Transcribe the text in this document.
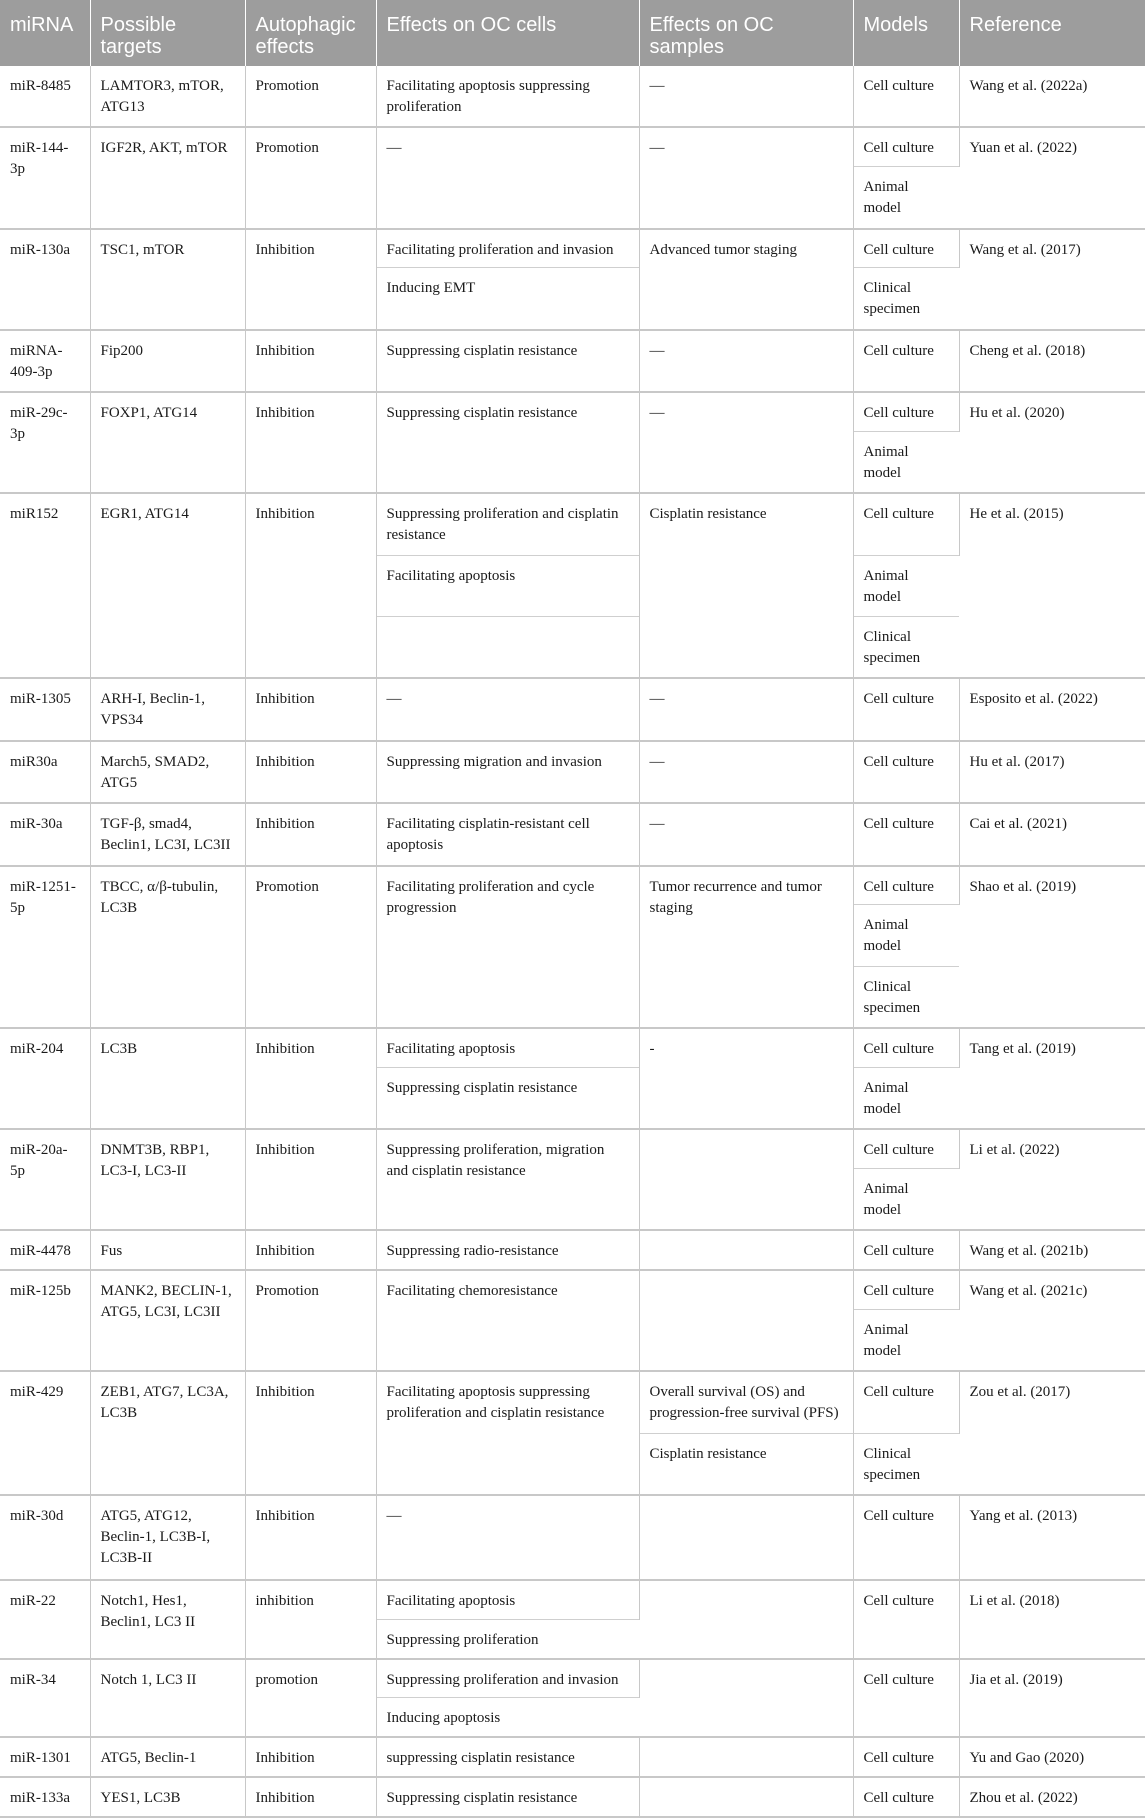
miRNA	Possible targets	Autophagic effects	Effects on OC cells	Effects on OC samples	Models	Reference
miR-8485	LAMTOR3, mTOR, ATG13	Promotion	Facilitating apoptosis suppressing proliferation	—	Cell culture	Wang et al. (2022a)
miR-144-3p	IGF2R, AKT, mTOR	Promotion	—	—	Cell culture	Yuan et al. (2022)
					Animal model	
miR-130a	TSC1, mTOR	Inhibition	Facilitating proliferation and invasion	Advanced tumor staging	Cell culture	Wang et al. (2017)
			Inducing EMT		Clinical specimen	
miRNA-409-3p	Fip200	Inhibition	Suppressing cisplatin resistance	—	Cell culture	Cheng et al. (2018)
miR-29c-3p	FOXP1, ATG14	Inhibition	Suppressing cisplatin resistance	—	Cell culture	Hu et al. (2020)
					Animal model	
miR152	EGR1, ATG14	Inhibition	Suppressing proliferation and cisplatin resistance	Cisplatin resistance	Cell culture	He et al. (2015)
			Facilitating apoptosis		Animal model	
					Clinical specimen	
miR-1305	ARH-I, Beclin-1, VPS34	Inhibition	—	—	Cell culture	Esposito et al. (2022)
miR30a	March5, SMAD2, ATG5	Inhibition	Suppressing migration and invasion	—	Cell culture	Hu et al. (2017)
miR-30a	TGF-β, smad4, Beclin1, LC3I, LC3II	Inhibition	Facilitating cisplatin-resistant cell apoptosis	—	Cell culture	Cai et al. (2021)
miR-1251-5p	TBCC, α/β-tubulin, LC3B	Promotion	Facilitating proliferation and cycle progression	Tumor recurrence and tumor staging	Cell culture	Shao et al. (2019)
					Animal model	
					Clinical specimen	
miR-204	LC3B	Inhibition	Facilitating apoptosis	-	Cell culture	Tang et al. (2019)
			Suppressing cisplatin resistance		Animal model	
miR-20a-5p	DNMT3B, RBP1, LC3-I, LC3-II	Inhibition	Suppressing proliferation, migration and cisplatin resistance		Cell culture	Li et al. (2022)
					Animal model	
miR-4478	Fus	Inhibition	Suppressing radio-resistance		Cell culture	Wang et al. (2021b)
miR-125b	MANK2, BECLIN-1, ATG5, LC3I, LC3II	Promotion	Facilitating chemoresistance		Cell culture	Wang et al. (2021c)
					Animal model	
miR-429	ZEB1, ATG7, LC3A, LC3B	Inhibition	Facilitating apoptosis suppressing proliferation and cisplatin resistance	Overall survival (OS) and progression-free survival (PFS)	Cell culture	Zou et al. (2017)
				Cisplatin resistance	Clinical specimen	
miR-30d	ATG5, ATG12, Beclin-1, LC3B-I, LC3B-II	Inhibition	—		Cell culture	Yang et al. (2013)
miR-22	Notch1, Hes1, Beclin1, LC3 II	inhibition	Facilitating apoptosis		Cell culture	Li et al. (2018)
			Suppressing proliferation			
miR-34	Notch 1, LC3 II	promotion	Suppressing proliferation and invasion		Cell culture	Jia et al. (2019)
			Inducing apoptosis			
miR-1301	ATG5, Beclin-1	Inhibition	suppressing cisplatin resistance		Cell culture	Yu and Gao (2020)
miR-133a	YES1, LC3B	Inhibition	Suppressing cisplatin resistance		Cell culture	Zhou et al. (2022)
